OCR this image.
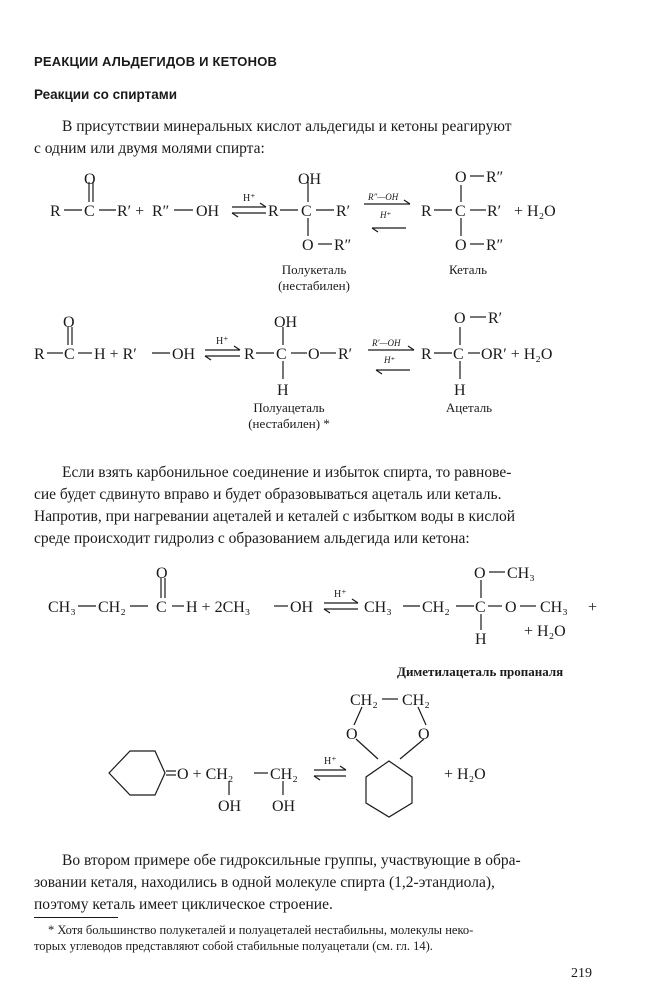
РЕАКЦИИ АЛЬДЕГИДОВ И КЕТОНОВ
Реакции со спиртами
В присутствии минеральных кислот альдегиды и кетоны реагируют
с одним или двумя молями спирта:
O
R C R′ + R″ OH
H⁺
OH
R C R′
O R″
R″—OH
H⁺ R C R′ + H₂O
O R″
O R″
Полукеталь
(нестабилен)
Кеталь
O
R C H + R′ OH
H⁺
OH
R C O R′
H
R′—OH
H⁺ R C OR′ + H₂O
O R′
H
Полуацеталь
(нестабилен) *
Ацеталь
Если взять карбонильное соединение и избыток спирта, то равнове-
сие будет сдвинуто вправо и будет образовываться ацеталь или кеталь.
Напротив, при нагревании ацеталей и кеталей с избытком воды в кислой
среде происходит гидролиз с образованием альдегида или кетона:
O
CH₃ CH₂ C H + 2CH₃ OH
H⁺
CH₃ CH₂ C O CH₃ +
O CH₃
H + H₂O
Диметилацеталь пропаналя
O + CH₂ CH₂
OH OH
H⁺
CH₂ CH₂
O	O
+ H₂O
Во втором примере обе гидроксильные группы, участвующие в обра-
зовании кеталя, находились в одной молекуле спирта (1,2-этандиола),
поэтому кеталь имеет циклическое строение.
* Хотя большинство полукеталей и полуацеталей нестабильны, молекулы неко-
торых углеводов представляют собой стабильные полуацетали (см. гл. 14).
219
